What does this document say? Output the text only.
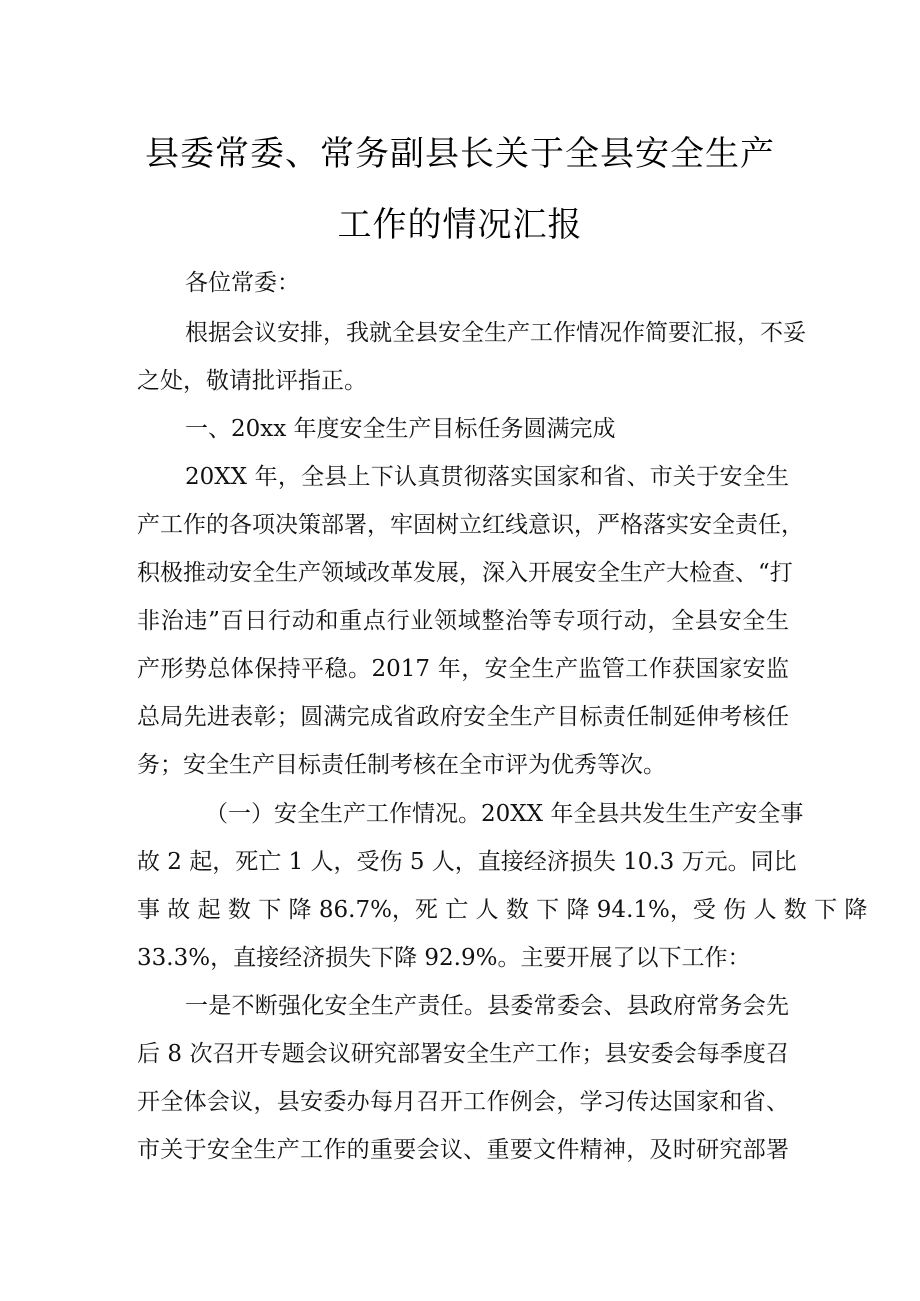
县委常委、常务副县长关于全县安全生产
工作的情况汇报
各位常委：
根据会议安排，我就全县安全生产工作情况作简要汇报，不妥
之处，敬请批评指正。
一、20xx 年度安全生产目标任务圆满完成
20XX 年，全县上下认真贯彻落实国家和省、市关于安全生
产工作的各项决策部署，牢固树立红线意识，严格落实安全责任，
积极推动安全生产领域改革发展，深入开展安全生产大检查、“打
非治违”百日行动和重点行业领域整治等专项行动，全县安全生
产形势总体保持平稳。2017 年，安全生产监管工作获国家安监
总局先进表彰；圆满完成省政府安全生产目标责任制延伸考核任
务；安全生产目标责任制考核在全市评为优秀等次。
（一）安全生产工作情况。20XX 年全县共发生生产安全事
故 2 起，死亡 1 人，受伤 5 人，直接经济损失 10.3 万元。同比
事 故 起 数 下 降 86.7%，死 亡 人 数 下 降 94.1%，受 伤 人 数 下 降
33.3%，直接经济损失下降 92.9%。主要开展了以下工作：
一是不断强化安全生产责任。县委常委会、县政府常务会先
后 8 次召开专题会议研究部署安全生产工作；县安委会每季度召
开全体会议，县安委办每月召开工作例会，学习传达国家和省、
市关于安全生产工作的重要会议、重要文件精神，及时研究部署
